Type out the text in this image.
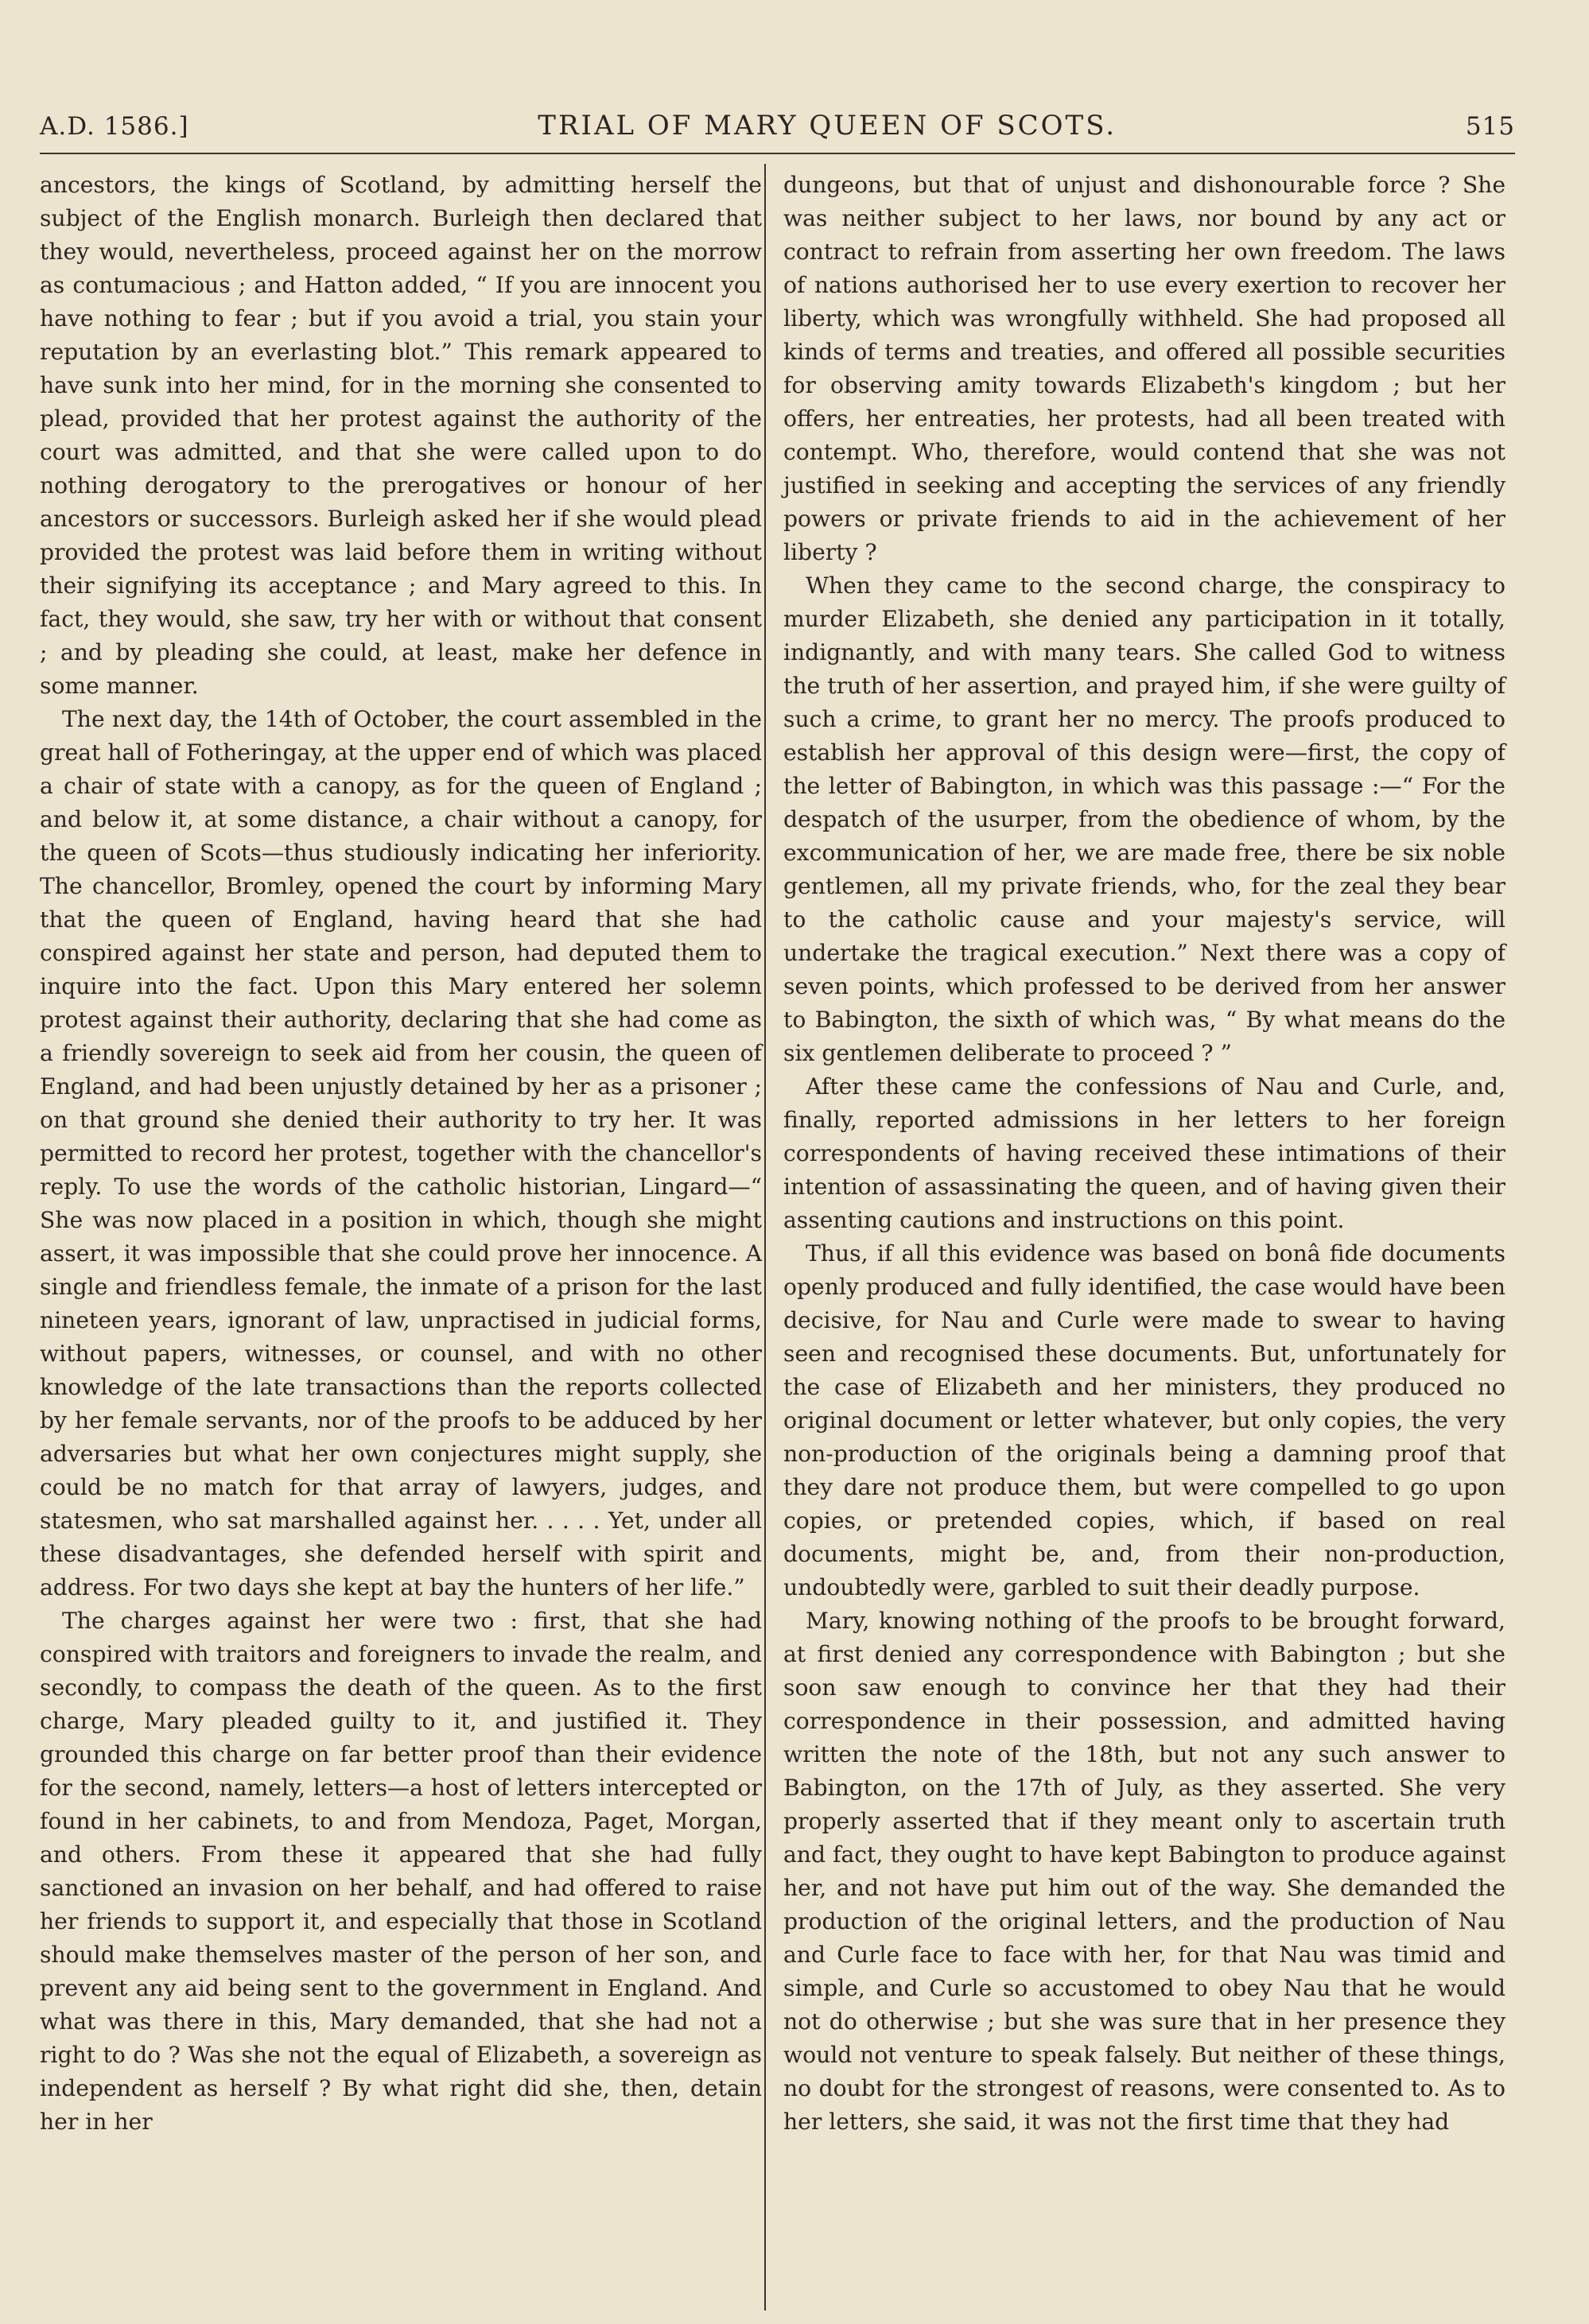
A.D. 1586.]	TRIAL OF MARY QUEEN OF SCOTS.	515

ancestors, the kings of Scotland, by admitting herself the subject of the English monarch. Burleigh then declared that they would, nevertheless, proceed against her on the morrow as contumacious ; and Hatton added, “ If you are innocent you have nothing to fear ; but if you avoid a trial, you stain your reputation by an everlasting blot.” This remark appeared to have sunk into her mind, for in the morning she consented to plead, provided that her protest against the authority of the court was admitted, and that she were called upon to do nothing derogatory to the prerogatives or honour of her ancestors or successors. Burleigh asked her if she would plead provided the protest was laid before them in writing without their signifying its acceptance ; and Mary agreed to this. In fact, they would, she saw, try her with or without that consent ; and by pleading she could, at least, make her defence in some manner.

The next day, the 14th of October, the court assembled in the great hall of Fotheringay, at the upper end of which was placed a chair of state with a canopy, as for the queen of England ; and below it, at some distance, a chair without a canopy, for the queen of Scots—thus studiously indicating her inferiority. The chancellor, Bromley, opened the court by informing Mary that the queen of England, having heard that she had conspired against her state and person, had deputed them to inquire into the fact. Upon this Mary entered her solemn protest against their authority, declaring that she had come as a friendly sovereign to seek aid from her cousin, the queen of England, and had been unjustly detained by her as a prisoner ; on that ground she denied their authority to try her. It was permitted to record her protest, together with the chancellor's reply. To use the words of the catholic historian, Lingard—“ She was now placed in a position in which, though she might assert, it was impossible that she could prove her innocence. A single and friendless female, the inmate of a prison for the last nineteen years, ignorant of law, unpractised in judicial forms, without papers, witnesses, or counsel, and with no other knowledge of the late transactions than the reports collected by her female servants, nor of the proofs to be adduced by her adversaries but what her own conjectures might supply, she could be no match for that array of lawyers, judges, and statesmen, who sat marshalled against her. . . . . Yet, under all these disadvantages, she defended herself with spirit and address. For two days she kept at bay the hunters of her life.”

The charges against her were two : first, that she had conspired with traitors and foreigners to invade the realm, and secondly, to compass the death of the queen. As to the first charge, Mary pleaded guilty to it, and justified it. They grounded this charge on far better proof than their evidence for the second, namely, letters—a host of letters intercepted or found in her cabinets, to and from Mendoza, Paget, Morgan, and others. From these it appeared that she had fully sanctioned an invasion on her behalf, and had offered to raise her friends to support it, and especially that those in Scotland should make themselves master of the person of her son, and prevent any aid being sent to the government in England. And what was there in this, Mary demanded, that she had not a right to do ? Was she not the equal of Elizabeth, a sovereign as independent as herself ? By what right did she, then, detain her in her

dungeons, but that of unjust and dishonourable force ? She was neither subject to her laws, nor bound by any act or contract to refrain from asserting her own freedom. The laws of nations authorised her to use every exertion to recover her liberty, which was wrongfully withheld. She had proposed all kinds of terms and treaties, and offered all possible securities for observing amity towards Elizabeth's kingdom ; but her offers, her entreaties, her protests, had all been treated with contempt. Who, therefore, would contend that she was not justified in seeking and accepting the services of any friendly powers or private friends to aid in the achievement of her liberty ?

When they came to the second charge, the conspiracy to murder Elizabeth, she denied any participation in it totally, indignantly, and with many tears. She called God to witness the truth of her assertion, and prayed him, if she were guilty of such a crime, to grant her no mercy. The proofs produced to establish her approval of this design were—first, the copy of the letter of Babington, in which was this passage :—“ For the despatch of the usurper, from the obedience of whom, by the excommunication of her, we are made free, there be six noble gentlemen, all my private friends, who, for the zeal they bear to the catholic cause and your majesty's service, will undertake the tragical execution.” Next there was a copy of seven points, which professed to be derived from her answer to Babington, the sixth of which was, “ By what means do the six gentlemen deliberate to proceed ? ”

After these came the confessions of Nau and Curle, and, finally, reported admissions in her letters to her foreign correspondents of having received these intimations of their intention of assassinating the queen, and of having given their assenting cautions and instructions on this point.

Thus, if all this evidence was based on bonâ fide documents openly produced and fully identified, the case would have been decisive, for Nau and Curle were made to swear to having seen and recognised these documents. But, unfortunately for the case of Elizabeth and her ministers, they produced no original document or letter whatever, but only copies, the very non-production of the originals being a damning proof that they dare not produce them, but were compelled to go upon copies, or pretended copies, which, if based on real documents, might be, and, from their non-production, undoubtedly were, garbled to suit their deadly purpose.

Mary, knowing nothing of the proofs to be brought forward, at first denied any correspondence with Babington ; but she soon saw enough to convince her that they had their correspondence in their possession, and admitted having written the note of the 18th, but not any such answer to Babington, on the 17th of July, as they asserted. She very properly asserted that if they meant only to ascertain truth and fact, they ought to have kept Babington to produce against her, and not have put him out of the way. She demanded the production of the original letters, and the production of Nau and Curle face to face with her, for that Nau was timid and simple, and Curle so accustomed to obey Nau that he would not do otherwise ; but she was sure that in her presence they would not venture to speak falsely. But neither of these things, no doubt for the strongest of reasons, were consented to. As to her letters, she said, it was not the first time that they had
